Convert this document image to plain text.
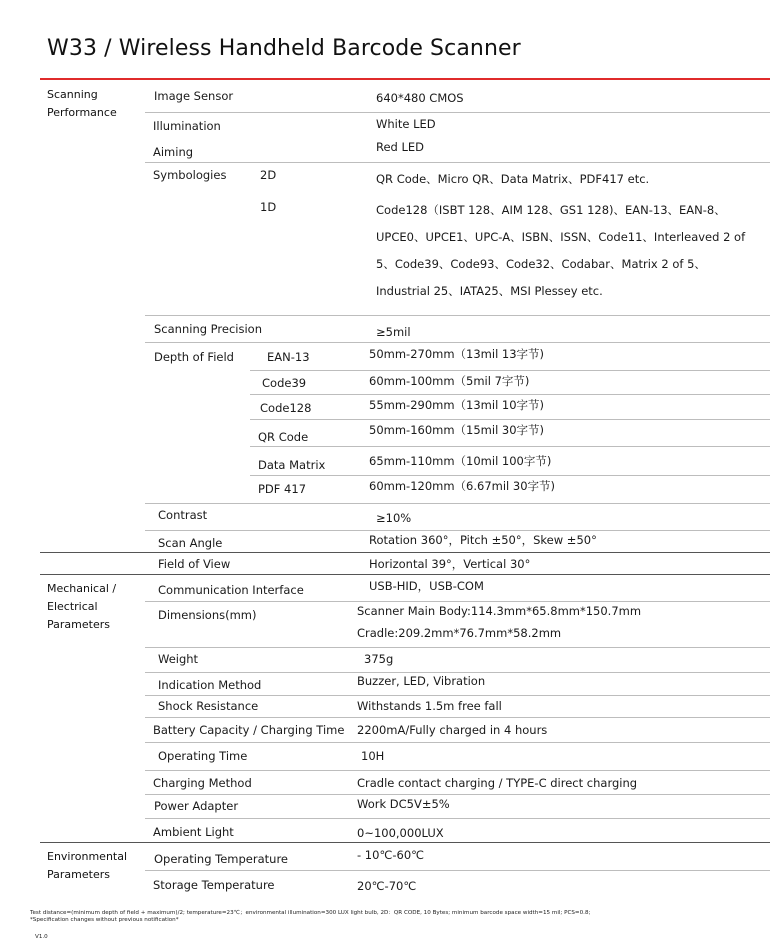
W33 / Wireless Handheld Barcode Scanner
Scanning
Performance
Mechanical /
Electrical
Parameters
Environmental
Parameters
Image Sensor	640*480 CMOS
Illumination	White LED
Aiming	Red LED
Symbologies	2D	QR Code、Micro QR、Data Matrix、PDF417 etc.
1D	Code128（ISBT 128、AIM 128、GS1 128)、EAN-13、EAN-8、
UPCE0、UPCE1、UPC-A、ISBN、ISSN、Code11、Interleaved 2 of
5、Code39、Code93、Code32、Codabar、Matrix 2 of 5、
Industrial 25、IATA25、MSI Plessey etc.
Scanning Precision	≥5mil
Depth of Field	EAN-13	50mm-270mm（13mil 13字节)
Code39	60mm-100mm（5mil 7字节)
Code128	55mm-290mm（13mil 10字节)
QR Code	50mm-160mm（15mil 30字节)
Data Matrix	65mm-110mm（10mil 100字节)
PDF 417	60mm-120mm（6.67mil 30字节)
Contrast	≥10%
Scan Angle	Rotation 360°，Pitch ±50°，Skew ±50°
Field of View	Horizontal 39°，Vertical 30°
Communication Interface	USB-HID，USB-COM
Dimensions(mm)	Scanner Main Body:114.3mm*65.8mm*150.7mm
Cradle:209.2mm*76.7mm*58.2mm
Weight	375g
Indication Method	Buzzer, LED, Vibration
Shock Resistance	Withstands 1.5m free fall
Battery Capacity / Charging Time 2200mA/Fully charged in 4 hours
Operating Time	10H
Charging Method	Cradle contact charging / TYPE-C direct charging
Power Adapter	Work DC5V±5%
Ambient Light	0~100,000LUX
Operating Temperature	- 10℃-60℃
Storage Temperature	20℃-70℃
Test distance=(minimum depth of field + maximum)/2; temperature=23℃；environmental illumination=300 LUX light bulb, 2D：QR CODE, 10 Bytes; minimum barcode space width=15 mil; PCS=0.8;
*Specification changes without previous notification*
V1.0
